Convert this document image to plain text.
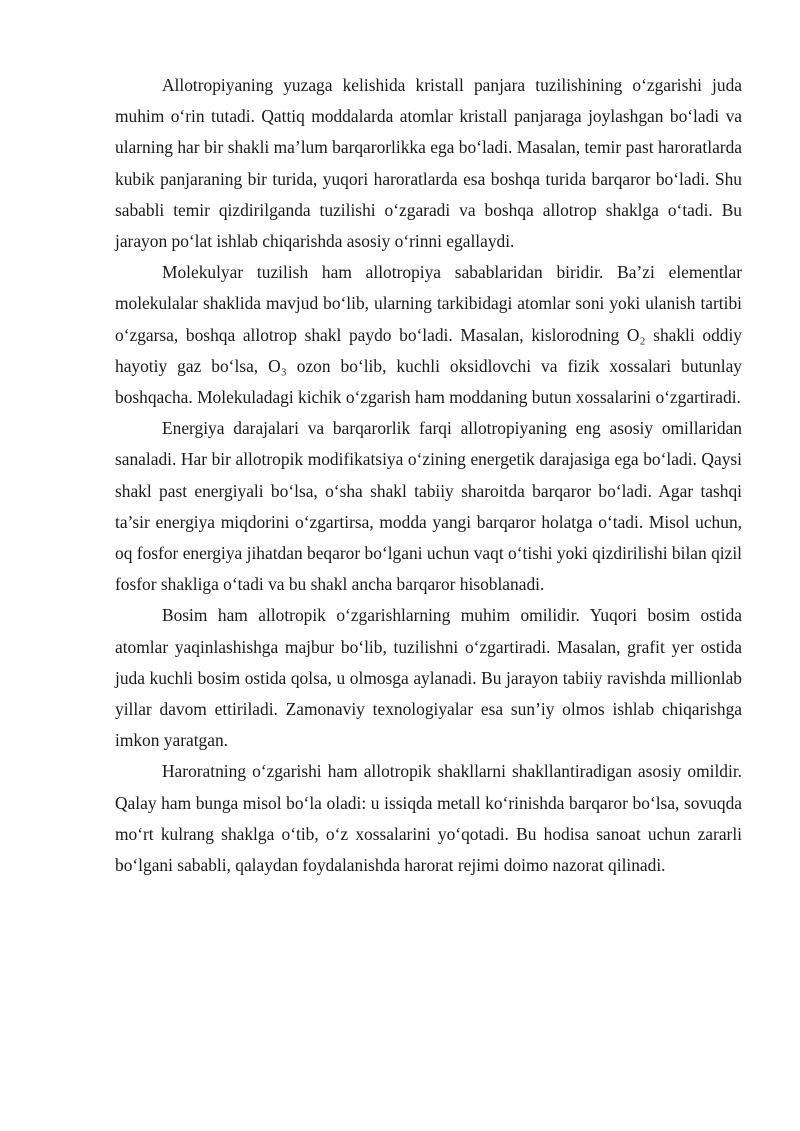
Allotropiyaning yuzaga kelishida kristall panjara tuzilishining o‘zgarishi juda muhim o‘rin tutadi. Qattiq moddalarda atomlar kristall panjaraga joylashgan bo‘ladi va ularning har bir shakli ma’lum barqarorlikka ega bo‘ladi. Masalan, temir past haroratlarda kubik panjaraning bir turida, yuqori haroratlarda esa boshqa turida barqaror bo‘ladi. Shu sababli temir qizdirilganda tuzilishi o‘zgaradi va boshqa allotrop shaklga o‘tadi. Bu jarayon po‘lat ishlab chiqarishda asosiy o‘rinni egallaydi.

Molekulyar tuzilish ham allotropiya sabablaridan biridir. Ba’zi elementlar molekulalar shaklida mavjud bo‘lib, ularning tarkibidagi atomlar soni yoki ulanish tartibi o‘zgarsa, boshqa allotrop shakl paydo bo‘ladi. Masalan, kislorodning O₂ shakli oddiy hayotiy gaz bo‘lsa, O₃ ozon bo‘lib, kuchli oksidlovchi va fizik xossalari butunlay boshqacha. Molekuladagi kichik o‘zgarish ham moddaning butun xossalarini o‘zgartiradi.

Energiya darajalari va barqarorlik farqi allotropiyaning eng asosiy omillaridan sanaladi. Har bir allotropik modifikatsiya o‘zining energetik darajasiga ega bo‘ladi. Qaysi shakl past energiyali bo‘lsa, o‘sha shakl tabiiy sharoitda barqaror bo‘ladi. Agar tashqi ta’sir energiya miqdorini o‘zgartirsa, modda yangi barqaror holatga o‘tadi. Misol uchun, oq fosfor energiya jihatdan beqaror bo‘lgani uchun vaqt o‘tishi yoki qizdirilishi bilan qizil fosfor shakliga o‘tadi va bu shakl ancha barqaror hisoblanadi.

Bosim ham allotropik o‘zgarishlarning muhim omilidir. Yuqori bosim ostida atomlar yaqinlashishga majbur bo‘lib, tuzilishni o‘zgartiradi. Masalan, grafit yer ostida juda kuchli bosim ostida qolsa, u olmosga aylanadi. Bu jarayon tabiiy ravishda millionlab yillar davom ettiriladi. Zamonaviy texnologiyalar esa sun’iy olmos ishlab chiqarishga imkon yaratgan.

Haroratning o‘zgarishi ham allotropik shakllarni shakllantiradigan asosiy omildir. Qalay ham bunga misol bo‘la oladi: u issiqda metall ko‘rinishda barqaror bo‘lsa, sovuqda mo‘rt kulrang shaklga o‘tib, o‘z xossalarini yo‘qotadi. Bu hodisa sanoat uchun zararli bo‘lgani sababli, qalaydan foydalanishda harorat rejimi doimo nazorat qilinadi.
